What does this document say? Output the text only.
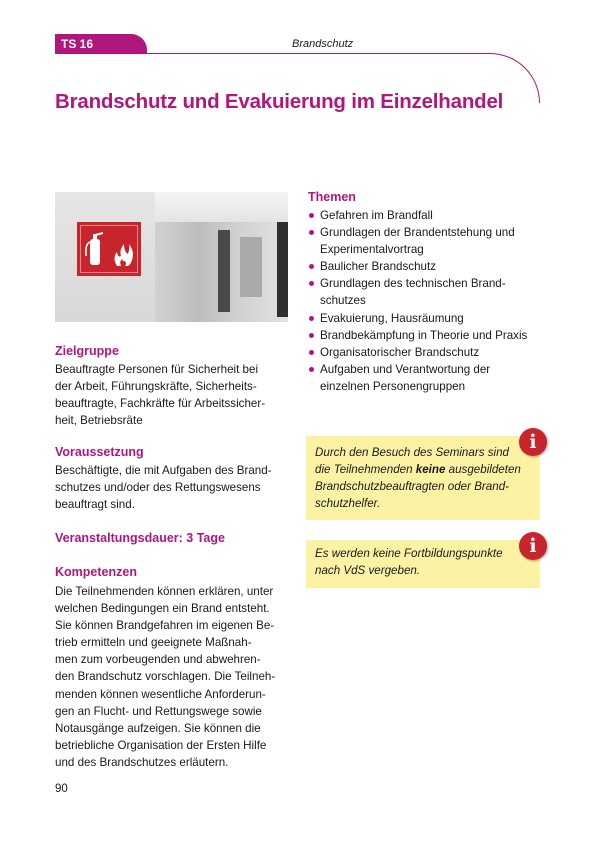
TS 16	Brandschutz
Brandschutz und Evakuierung im Einzelhandel
Zielgruppe
Beauftragte Personen für Sicherheit bei
der Arbeit, Führungskräfte, Sicherheits-
beauftragte, Fachkräfte für Arbeitssicher-
heit, Betriebsräte
Voraussetzung
Beschäftigte, die mit Aufgaben des Brand-
schutzes und/oder des Rettungswesens
beauftragt sind.
Veranstaltungsdauer: 3 Tage
Kompetenzen
Die Teilnehmenden können erklären, unter
welchen Bedingungen ein Brand entsteht.
Sie können Brandgefahren im eigenen Be-
trieb ermitteln und geeignete Maßnah-
men zum vorbeugenden und abwehren-
den Brandschutz vorschlagen. Die Teilneh-
menden können wesentliche Anforderun-
gen an Flucht- und Rettungswege sowie
Notausgänge aufzeigen. Sie können die
betriebliche Organisation der Ersten Hilfe
und des Brandschutzes erläutern.
Themen
Gefahren im Brandfall
Grundlagen der Brandentstehung und
Experimentalvortrag
Baulicher Brandschutz
Grundlagen des technischen Brand-
schutzes
Evakuierung, Hausräumung
Brandbekämpfung in Theorie und Praxis
Organisatorischer Brandschutz
Aufgaben und Verantwortung der
einzelnen Personengruppen
Durch den Besuch des Seminars sind
die Teilnehmenden keine ausgebildeten
Brandschutzbeauftragten oder Brand-
schutzhelfer.
i
Es werden keine Fortbildungspunkte
nach VdS vergeben.
i
90
